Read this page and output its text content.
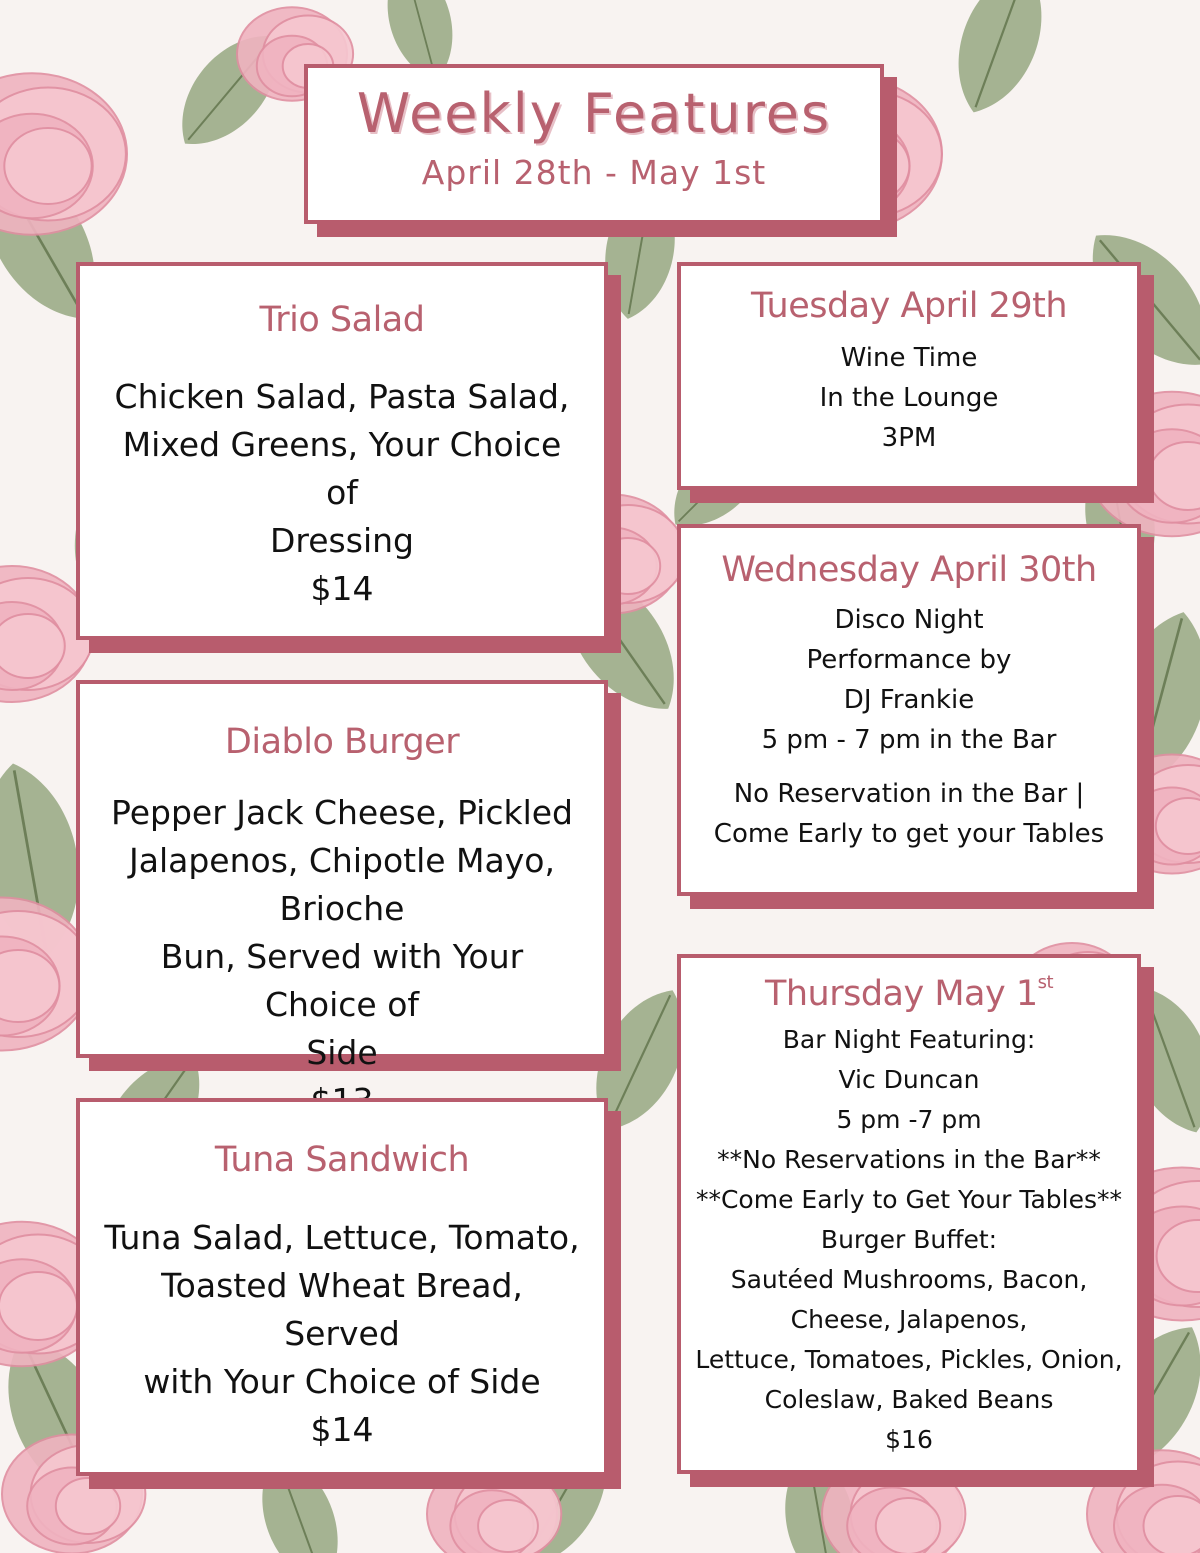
Weekly Features
April 28th - May 1st
Trio Salad
Chicken Salad, Pasta Salad,
Mixed Greens, Your Choice of
Dressing
$14
Diablo Burger
Pepper Jack Cheese, Pickled
Jalapenos, Chipotle Mayo, Brioche
Bun, Served with Your Choice of
Side
Tuna Sandwich
Tuna Salad, Lettuce, Tomato,
Toasted Wheat Bread, Served
with Your Choice of Side
$14
Tuesday April 29th
Wine Time
In the Lounge
3PM
Wednesday April 30th
Disco Night
Performance by
DJ Frankie
5 pm - 7 pm in the Bar
No Reservation in the Bar |
Come Early to get your Tables
Thursday May 1st
Bar Night Featuring:
Vic Duncan
5 pm -7 pm
**No Reservations in the Bar**
**Come Early to Get Your Tables**
Burger Buffet:
Sautéed Mushrooms, Bacon,
Cheese, Jalapenos,
Lettuce, Tomatoes, Pickles, Onion,
Coleslaw, Baked Beans
$16
